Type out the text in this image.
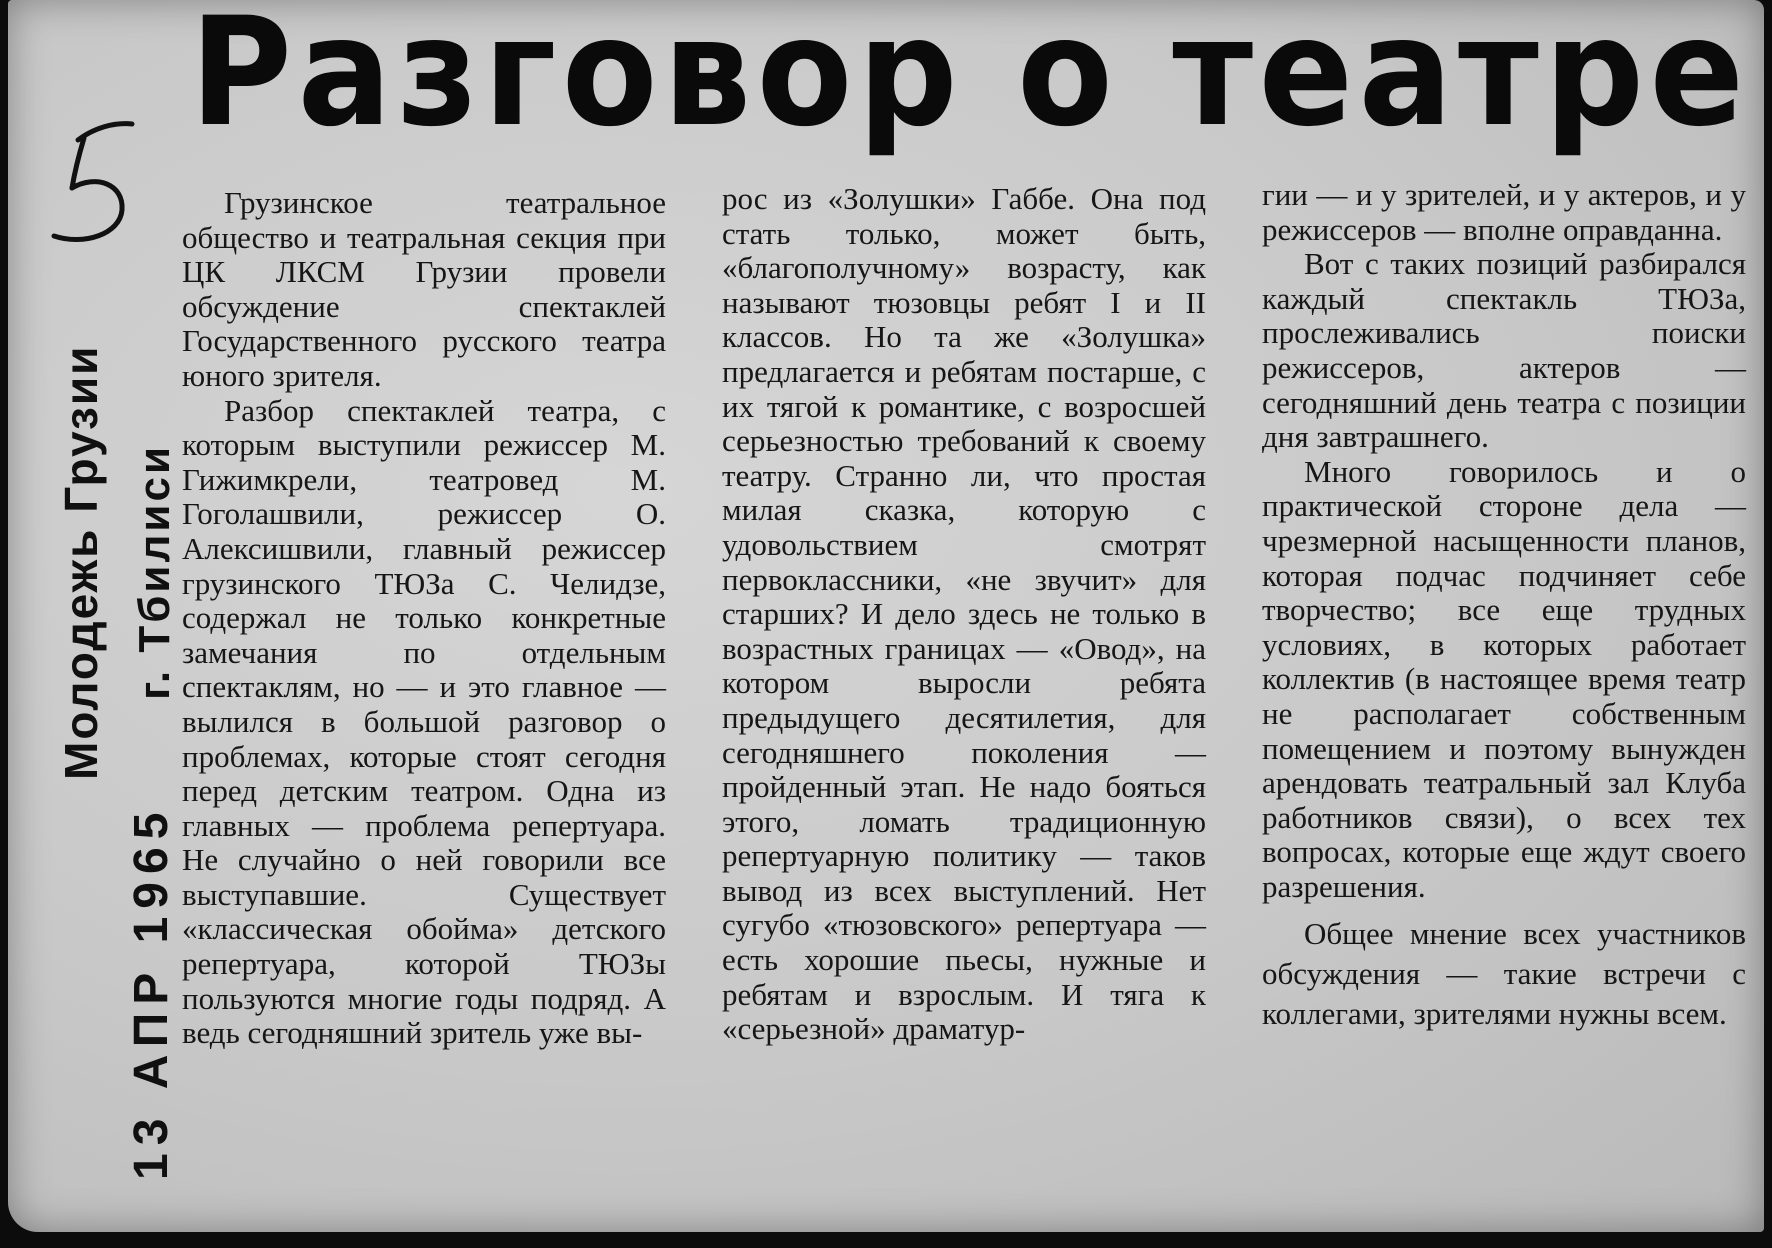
Разговор о театре
Молодежь Грузии г. Тбилиси
13 АПР 1965

Грузинское театральное общество и театральная секция при ЦК ЛКСМ Грузии провели обсуждение спектаклей Государственного русского театра юного зрителя.

Разбор спектаклей театра, с которым выступили режиссер М. Гижимкрели, театровед М. Гоголашвили, режиссер О. Алексишвили, главный режиссер грузинского ТЮЗа С. Челидзе, содержал не только конкретные замечания по отдельным спектаклям, но — и это главное — вылился в большой разговор о проблемах, которые стоят сегодня перед детским театром. Одна из главных — проблема репертуара. Не случайно о ней говорили все выступавшие. Существует «классическая обойма» детского репертуара, которой ТЮЗы пользуются многие годы подряд. А ведь сегодняшний зритель уже вы-

рос из «Золушки» Габбе. Она под стать только, может быть, «благополучному» возрасту, как называют тюзовцы ребят I и II классов. Но та же «Золушка» предлагается и ребятам постарше, с их тягой к романтике, с возросшей серьезностью требований к своему театру. Странно ли, что простая милая сказка, которую с удовольствием смотрят первоклассники, «не звучит» для старших? И дело здесь не только в возрастных границах — «Овод», на котором выросли ребята предыдущего десятилетия, для сегодняшнего поколения — пройденный этап. Не надо бояться этого, ломать традиционную репертуарную политику — таков вывод из всех выступлений. Нет сугубо «тюзовского» репертуара — есть хорошие пьесы, нужные и ребятам и взрослым. И тяга к «серьезной» драматур-

гии — и у зрителей, и у актеров, и у режиссеров — вполне оправданна.

Вот с таких позиций разбирался каждый спектакль ТЮЗа, прослеживались поиски режиссеров, актеров — сегодняшний день театра с позиции дня завтрашнего.

Много говорилось и о практической стороне дела — чрезмерной насыщенности планов, которая подчас подчиняет себе творчество; все еще трудных условиях, в которых работает коллектив (в настоящее время театр не располагает собственным помещением и поэтому вынужден арендовать театральный зал Клуба работников связи), о всех тех вопросах, которые еще ждут своего разрешения.

Общее мнение всех участников обсуждения — такие встречи с коллегами, зрителями нужны всем.
